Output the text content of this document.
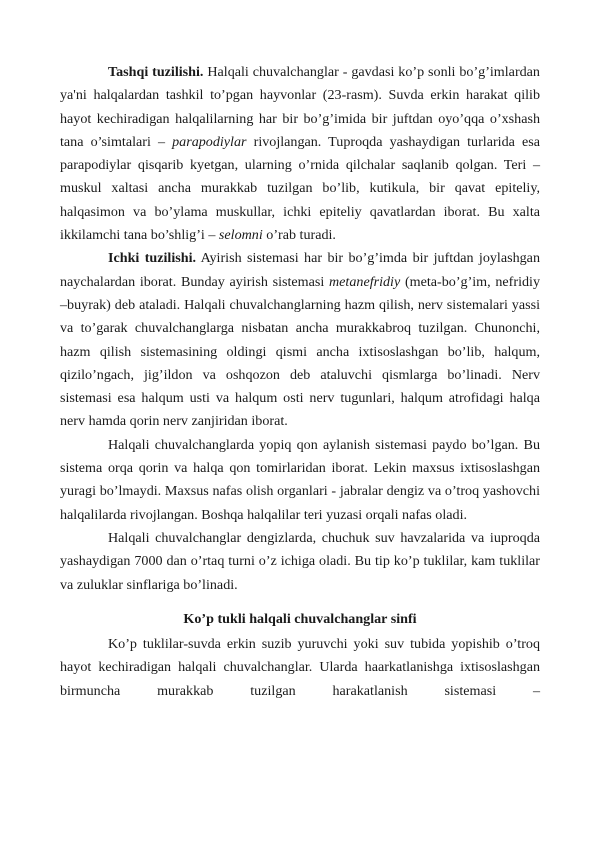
Tashqi tuzilishi. Halqali chuvalchanglar - gavdasi ko’p sonli bo’g’imlardan ya'ni halqalardan tashkil to’pgan hayvonlar (23-rasm). Suvda erkin harakat qilib hayot kechiradigan halqalilarning har bir bo’g’imida bir juftdan oyo’qqa o’xshash tana o’simtalari – parapodiylar rivojlangan. Tuproqda yashaydigan turlarida esa parapodiylar qisqarib kyetgan, ularning o’rnida qilchalar saqlanib qolgan. Teri – muskul xaltasi ancha murakkab tuzilgan bo’lib, kutikula, bir qavat epiteliy, halqasimon va bo’ylama muskullar, ichki epiteliy qavatlardan iborat. Bu xalta ikkilamchi tana bo’shlig’i – selomni o’rab turadi.

Ichki tuzilishi. Ayirish sistemasi har bir bo’g’imda bir juftdan joylashgan naychalardan iborat. Bunday ayirish sistemasi metanefridiy (meta-bo’g’im, nefridiy –buyrak) deb ataladi. Halqali chuvalchanglarning hazm qilish, nerv sistemalari yassi va to’garak chuvalchanglarga nisbatan ancha murakkabroq tuzilgan. Chunonchi, hazm qilish sistemasining oldingi qismi ancha ixtisoslashgan bo’lib, halqum, qizilo’ngach, jig’ildon va oshqozon deb ataluvchi qismlarga bo’linadi. Nerv sistemasi esa halqum usti va halqum osti nerv tugunlari, halqum atrofidagi halqa nerv hamda qorin nerv zanjiridan iborat.

Halqali chuvalchanglarda yopiq qon aylanish sistemasi paydo bo’lgan. Bu sistema orqa qorin va halqa qon tomirlaridan iborat. Lekin maxsus ixtisoslashgan yuragi bo’lmaydi. Maxsus nafas olish organlari - jabralar dengiz va o’troq yashovchi halqalilarda rivojlangan. Boshqa halqalilar teri yuzasi orqali nafas oladi.

Halqali chuvalchanglar dengizlarda, chuchuk suv havzalarida va iuproqda yashaydigan 7000 dan o’rtaq turni o’z ichiga oladi. Bu tip ko’p tuklilar, kam tuklilar va zuluklar sinflariga bo’linadi.

Ko’p tukli halqali chuvalchanglar sinfi

Ko’p tuklilar-suvda erkin suzib yuruvchi yoki suv tubida yopishib o’troq hayot kechiradigan halqali chuvalchanglar. Ularda haarkatlanishga ixtisoslashgan birmuncha murakkab tuzilgan harakatlanish sistemasi –
